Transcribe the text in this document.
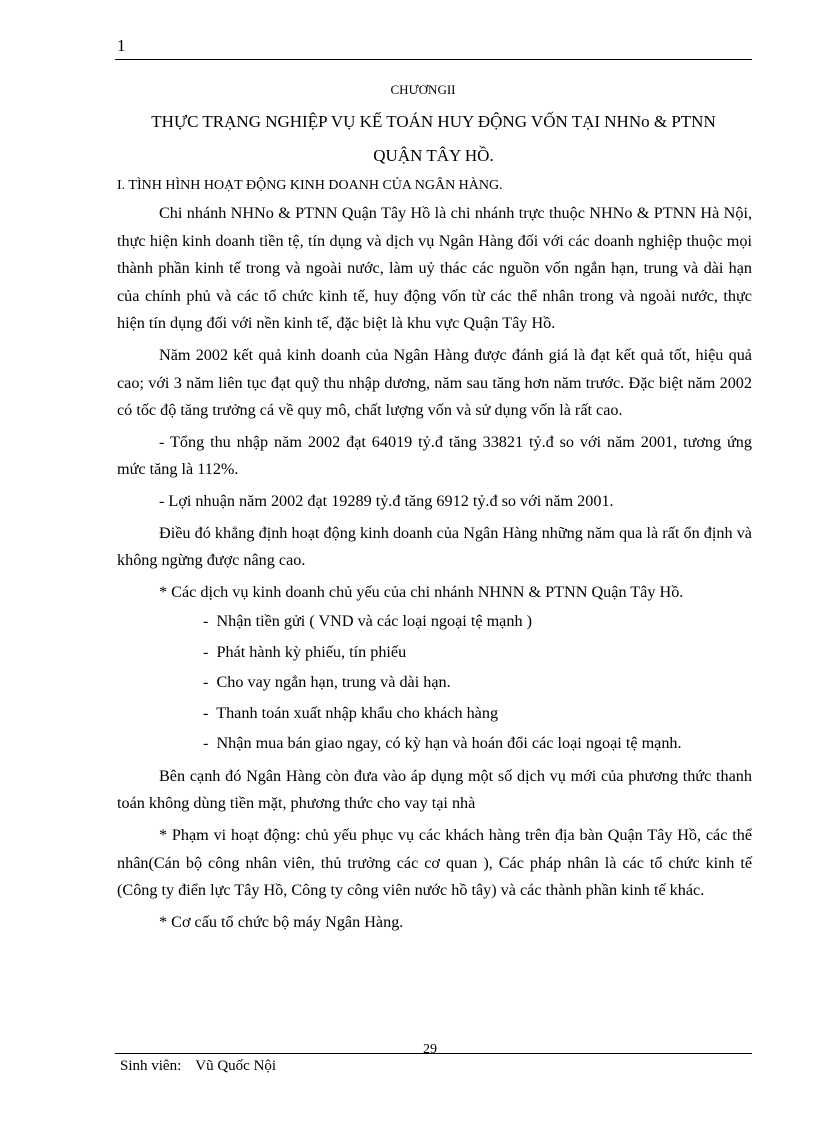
1
CHƯƠNGII
THỰC TRẠNG NGHIỆP VỤ KẾ TOÁN HUY ĐỘNG VỐN TẠI NHNo & PTNN
QUẬN TÂY HỒ.
I. TÌNH HÌNH HOẠT ĐỘNG KINH DOANH CỦA NGÂN HÀNG.

Chi nhánh NHNo & PTNN Quận Tây Hồ là chi nhánh trực thuộc NHNo & PTNN Hà Nội, thực hiện kinh doanh tiền tệ, tín dụng và dịch vụ Ngân Hàng đối với các doanh nghiệp thuộc mọi thành phần kinh tế trong và ngoài nước, làm uỷ thác các nguồn vốn ngắn hạn, trung và dài hạn của chính phủ và các tổ chức kinh tế, huy động vốn từ các thể nhân trong và ngoài nước, thực hiện tín dụng đối với nền kinh tế, đặc biệt là khu vực Quận Tây Hồ.

Năm 2002 kết quả kinh doanh của Ngân Hàng được đánh giá là đạt kết quả tốt, hiệu quả cao; với 3 năm liên tục đạt quỹ thu nhập dương, năm sau tăng hơn năm trước. Đặc biệt năm 2002 có tốc độ tăng trưởng cá về quy mô, chất lượng vốn và sử dụng vốn là rất cao.

- Tổng thu nhập năm 2002 đạt 64019 tỷ.đ tăng 33821 tỷ.đ so với năm 2001, tương ứng mức tăng là 112%.

- Lợi nhuận năm 2002 đạt 19289 tỷ.đ tăng 6912 tỷ.đ so với năm 2001.

Điều đó khẳng định hoạt động kinh doanh của Ngân Hàng những năm qua là rất ổn định và không ngừng được nâng cao.

* Các dịch vụ kinh doanh chủ yếu của chi nhánh NHNN & PTNN Quận Tây Hồ.

- Nhận tiền gửi ( VND và các loại ngoại tệ mạnh )
- Phát hành kỳ phiếu, tín phiếu
- Cho vay ngắn hạn, trung và dài hạn.
- Thanh toán xuất nhập khẩu cho khách hàng
- Nhận mua bán giao ngay, có kỳ hạn và hoán đổi các loại ngoại tệ mạnh.

Bên cạnh đó Ngân Hàng còn đưa vào áp dụng một số dịch vụ mới của phương thức thanh toán không dùng tiền mặt, phương thức cho vay tại nhà

* Phạm vi hoạt động: chủ yếu phục vụ các khách hàng trên địa bàn Quận Tây Hồ, các thể nhân(Cán bộ công nhân viên, thủ trưởng các cơ quan ), Các pháp nhân là các tổ chức kinh tế (Công ty điển lực Tây Hồ, Công ty công viên nước hồ tây) và các thành phần kinh tế khác.

* Cơ cấu tổ chức bộ máy Ngân Hàng.

29
Sinh viên: Vũ Quốc Nội
